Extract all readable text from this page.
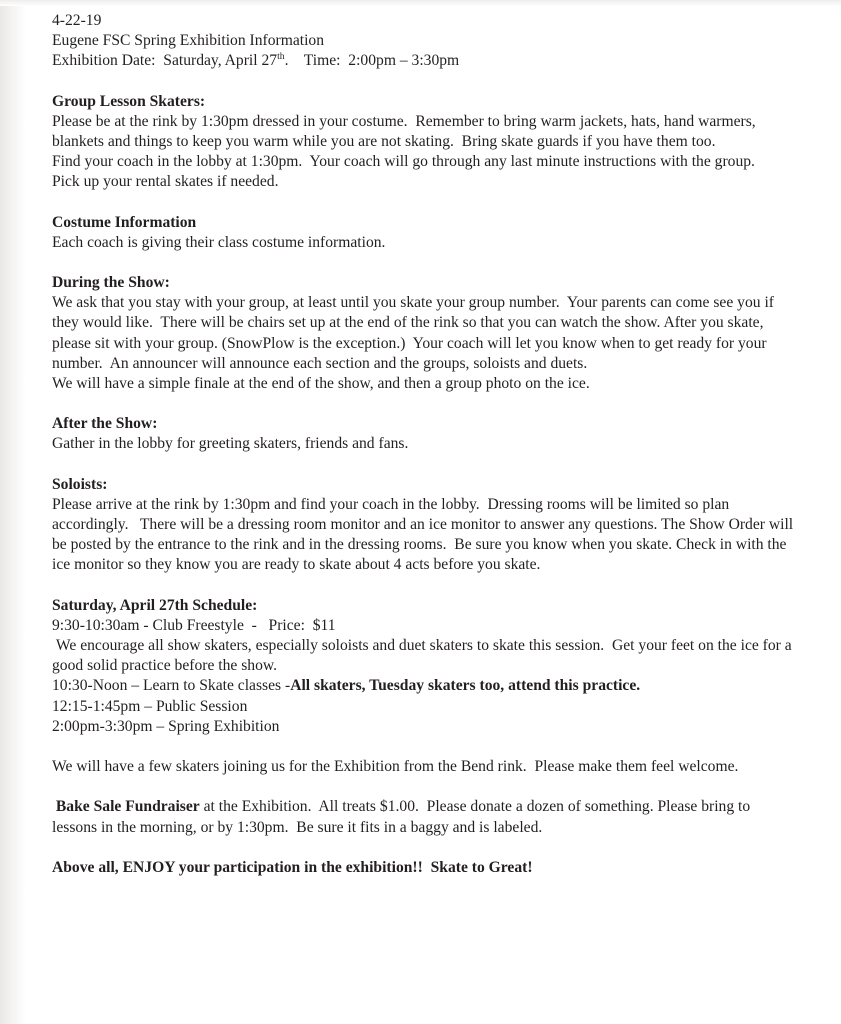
4-22-19
Eugene FSC Spring Exhibition Information
Exhibition Date:  Saturday, April 27th.    Time:  2:00pm – 3:30pm
Group Lesson Skaters:
Please be at the rink by 1:30pm dressed in your costume.  Remember to bring warm jackets, hats, hand warmers, blankets and things to keep you warm while you are not skating.  Bring skate guards if you have them too.
Find your coach in the lobby at 1:30pm.  Your coach will go through any last minute instructions with the group.
Pick up your rental skates if needed.
Costume Information
Each coach is giving their class costume information.
During the Show:
We ask that you stay with your group, at least until you skate your group number.  Your parents can come see you if they would like.  There will be chairs set up at the end of the rink so that you can watch the show. After you skate, please sit with your group. (SnowPlow is the exception.)  Your coach will let you know when to get ready for your number.  An announcer will announce each section and the groups, soloists and duets.
We will have a simple finale at the end of the show, and then a group photo on the ice.
After the Show:
Gather in the lobby for greeting skaters, friends and fans.
Soloists:
Please arrive at the rink by 1:30pm and find your coach in the lobby.  Dressing rooms will be limited so plan accordingly.   There will be a dressing room monitor and an ice monitor to answer any questions. The Show Order will be posted by the entrance to the rink and in the dressing rooms.  Be sure you know when you skate. Check in with the ice monitor so they know you are ready to skate about 4 acts before you skate.
Saturday, April 27th Schedule:
9:30-10:30am - Club Freestyle  -   Price:  $11
We encourage all show skaters, especially soloists and duet skaters to skate this session.  Get your feet on the ice for a good solid practice before the show.
10:30-Noon – Learn to Skate classes -All skaters, Tuesday skaters too, attend this practice.
12:15-1:45pm – Public Session
2:00pm-3:30pm – Spring Exhibition
We will have a few skaters joining us for the Exhibition from the Bend rink.  Please make them feel welcome.
Bake Sale Fundraiser at the Exhibition.  All treats $1.00.  Please donate a dozen of something. Please bring to lessons in the morning, or by 1:30pm.  Be sure it fits in a baggy and is labeled.
Above all, ENJOY your participation in the exhibition!!  Skate to Great!
